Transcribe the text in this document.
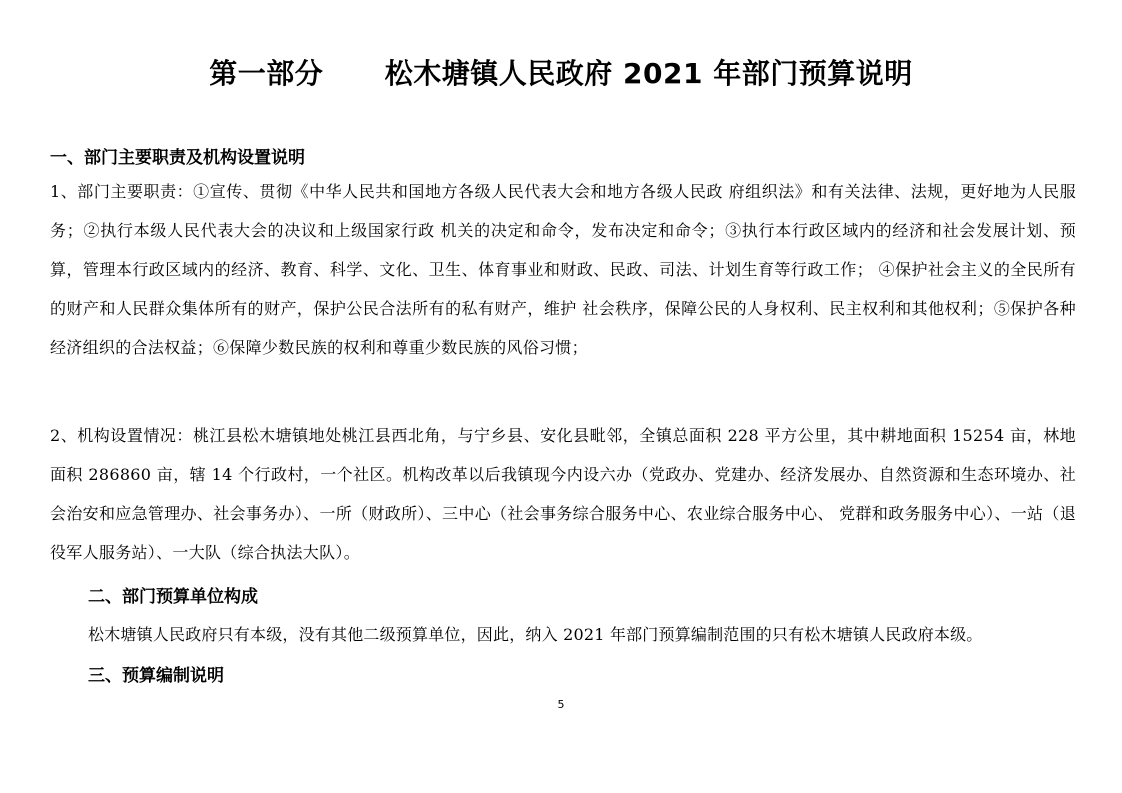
第一部分      松木塘镇人民政府 2021 年部门预算说明
一、部门主要职责及机构设置说明
1、部门主要职责：①宣传、贯彻《中华人民共和国地方各级人民代表大会和地方各级人民政 府组织法》和有关法律、法规，更好地为人民服务；②执行本级人民代表大会的决议和上级国家行政 机关的决定和命令，发布决定和命令；③执行本行政区域内的经济和社会发展计划、预算，管理本行政区域内的经济、教育、科学、文化、卫生、体育事业和财政、民政、司法、计划生育等行政工作； ④保护社会主义的全民所有的财产和人民群众集体所有的财产，保护公民合法所有的私有财产，维护 社会秩序，保障公民的人身权利、民主权利和其他权利；⑤保护各种经济组织的合法权益；⑥保障少数民族的权利和尊重少数民族的风俗习惯；
2、机构设置情况：桃江县松木塘镇地处桃江县西北角，与宁乡县、安化县毗邻，全镇总面积 228 平方公里，其中耕地面积 15254 亩，林地面积 286860 亩，辖 14 个行政村，一个社区。机构改革以后我镇现今内设六办（党政办、党建办、经济发展办、自然资源和生态环境办、社会治安和应急管理办、社会事务办）、一所（财政所）、三中心（社会事务综合服务中心、农业综合服务中心、 党群和政务服务中心）、一站（退役军人服务站）、一大队（综合执法大队）。
二、部门预算单位构成
松木塘镇人民政府只有本级，没有其他二级预算单位，因此，纳入 2021 年部门预算编制范围的只有松木塘镇人民政府本级。
三、预算编制说明
5
